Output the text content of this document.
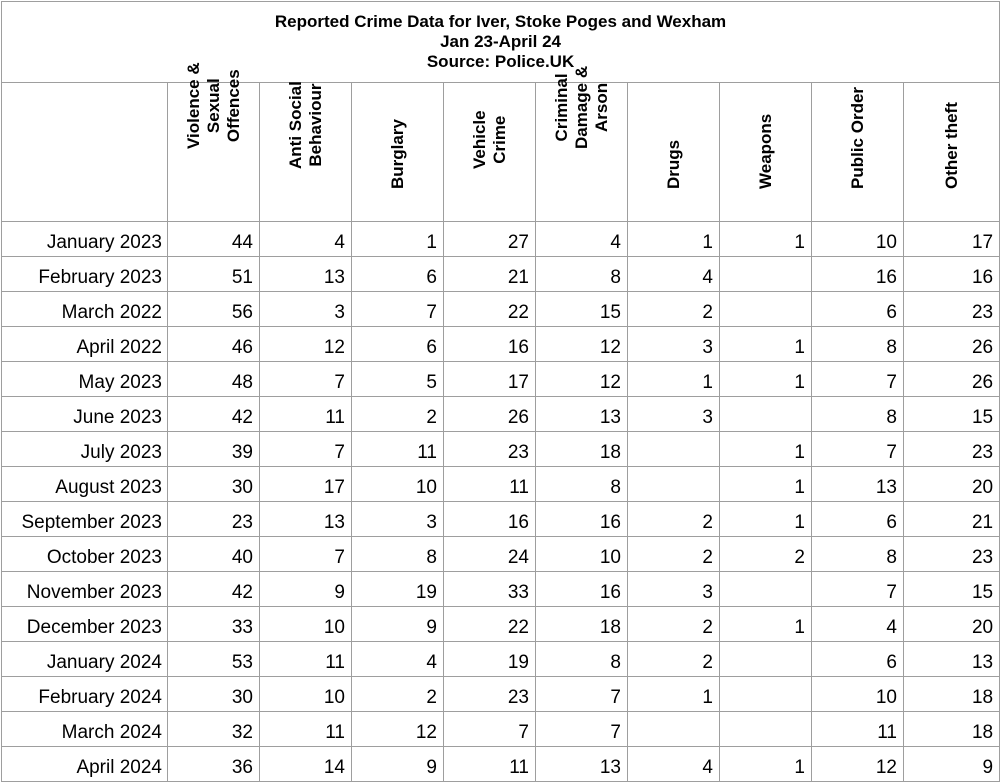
Reported Crime Data for Iver, Stoke Poges and Wexham
Jan 23-April 24
Source: Police.UK									

	Violence & Sexual Offences	Anti Social Behaviour	Burglary	Vehicle Crime	Criminal Damage & Arson	Drugs	Weapons	Public Order	Other theft

January 2023	44	4	1	27	4	1	1	10	17
February 2023	51	13	6	21	8	4		16	16
March 2022	56	3	7	22	15	2		6	23
April 2022	46	12	6	16	12	3	1	8	26
May 2023	48	7	5	17	12	1	1	7	26
June 2023	42	11	2	26	13	3		8	15
July 2023	39	7	11	23	18		1	7	23
August 2023	30	17	10	11	8		1	13	20
September 2023	23	13	3	16	16	2	1	6	21
October 2023	40	7	8	24	10	2	2	8	23
November 2023	42	9	19	33	16	3		7	15
December 2023	33	10	9	22	18	2	1	4	20
January 2024	53	11	4	19	8	2		6	13
February 2024	30	10	2	23	7	1		10	18
March 2024	32	11	12	7	7			11	18
April 2024	36	14	9	11	13	4	1	12	9
